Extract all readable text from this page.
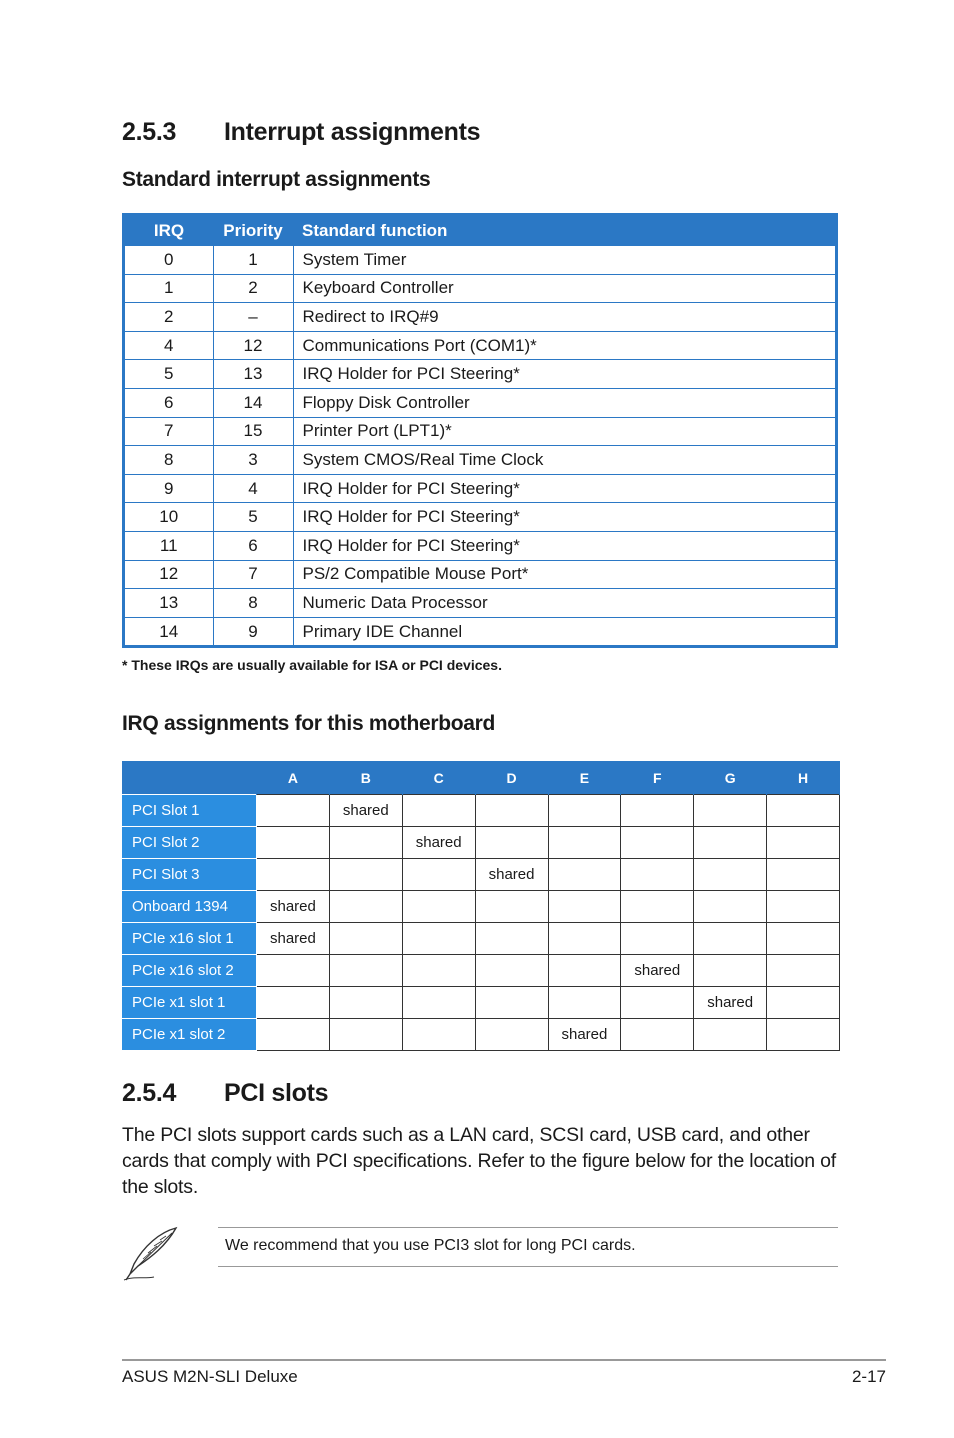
2.5.3 Interrupt assignments
Standard interrupt assignments
IRQ	Priority	Standard function
0	1	System Timer
1	2	Keyboard Controller
2	–	Redirect to IRQ#9
4	12	Communications Port (COM1)*
5	13	IRQ Holder for PCI Steering*
6	14	Floppy Disk Controller
7	15	Printer Port (LPT1)*
8	3	System CMOS/Real Time Clock
9	4	IRQ Holder for PCI Steering*
10	5	IRQ Holder for PCI Steering*
11	6	IRQ Holder for PCI Steering*
12	7	PS/2 Compatible Mouse Port*
13	8	Numeric Data Processor
14	9	Primary IDE Channel
* These IRQs are usually available for ISA or PCI devices.
IRQ assignments for this motherboard
	A	B	C	D	E	F	G	H
PCI Slot 1		shared						
PCI Slot 2			shared					
PCI Slot 3				shared				
Onboard 1394	shared							
PCIe x16 slot 1	shared							
PCIe x16 slot 2						shared		
PCIe x1 slot 1							shared	
PCIe x1 slot 2					shared			
2.5.4 PCI slots
The PCI slots support cards such as a LAN card, SCSI card, USB card, and other cards that comply with PCI specifications. Refer to the figure below for the location of the slots.
We recommend that you use PCI3 slot for long PCI cards.
ASUS M2N-SLI Deluxe	2-17
